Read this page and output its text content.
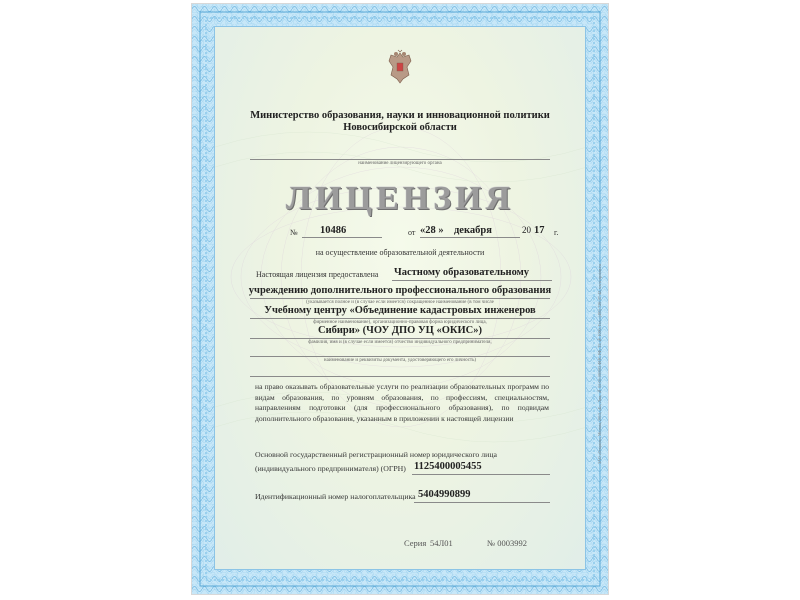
Министерство образования, науки и инновационной политики
Новосибирской области
наименование лицензирующего органа
ЛИЦЕНЗИЯ
№ 10486	от «28 » декабря	20 17 г.
на осуществление образовательной деятельности
Настоящая лицензия предоставлена Частному образовательному
учреждению дополнительного профессионального образования
(указывается полное и (в случае если имеется) сокращенное наименование (в том числе
Учебному центру «Объединение кадастровых инженеров
фирменное наименование), организационно-правовая форма юридического лица,
Сибири» (ЧОУ ДПО УЦ «ОКИС»)
фамилия, имя и (в случае если имеется) отчество индивидуального предпринимателя,
наименование и реквизиты документа, удостоверяющего его личность)
на право оказывать образовательные услуги по реализации образовательных программ по видам образования, по уровням образования, по профессиям, специальностям, направлениям подготовки (для профессионального образования), по подвидам дополнительного образования, указанным в приложении к настоящей лицензии
Основной государственный регистрационный номер юридического лица
(индивидуального предпринимателя) (ОГРН) 1125400005455
Идентификационный номер налогоплательщика 5404990899
Серия 54Л01	№ 0003992
ЗАО «Опцион», Москва, 2013, «Б», Лиц. № 05-05-09/003 ФНС РФ, ТЗ № 1090, Тел.: (495) 726-47-42, www.opcion.ru
